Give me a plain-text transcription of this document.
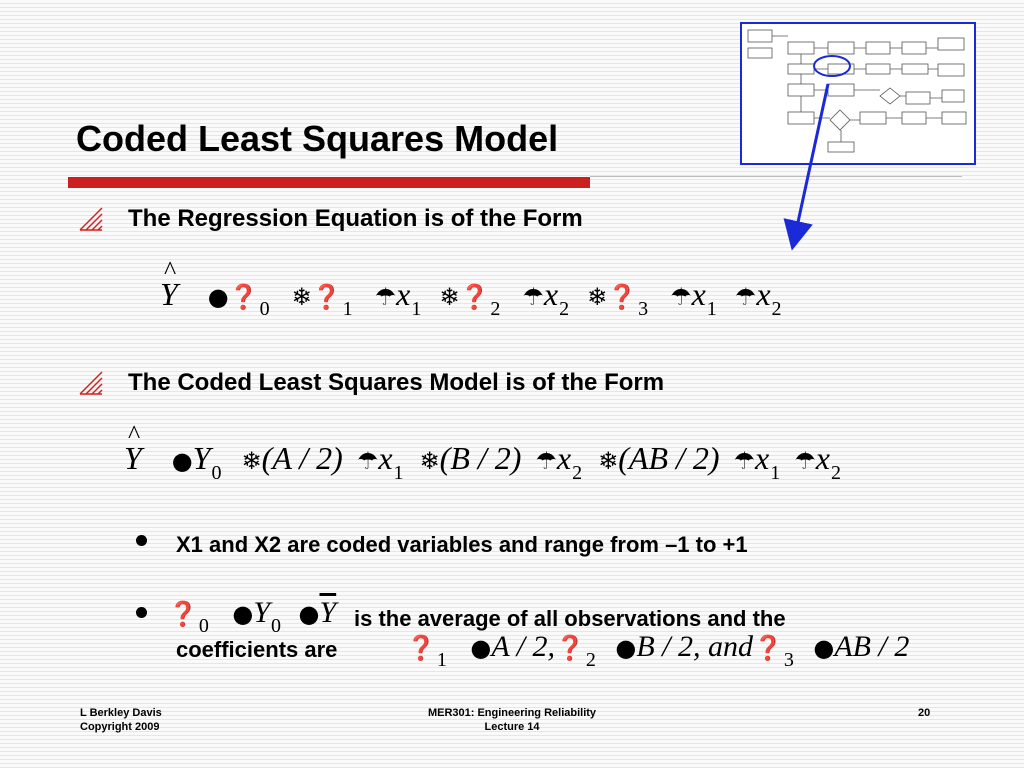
Coded Least Squares Model
The Regression Equation is of the Form
^ Y $●❓_0$ $❄❓_1$ $☂x_1$ $❄❓_2$ $☂x_2$ $❄❓_3$ $☂x_1$ $☂x_2$
The Coded Least Squares Model is of the Form
^ Y $●Y_0$ ❄(A / 2) $☂x_1$ ❄(B / 2) $☂x_2$ ❄(AB / 2) $☂x_1$ $☂x_2$
X1 and X2 are coded variables and range from –1 to +1
$❓_0$ $●Y_0$ $●\overline{Y}$ is the average of all observations and the
coefficients are	$❓_1$ ●A / $2,❓_2$ ●B / 2, $and❓_3$ ●AB / 2
L Berkley Davis
Copyright 2009
MER301: Engineering Reliability
Lecture 14
20
